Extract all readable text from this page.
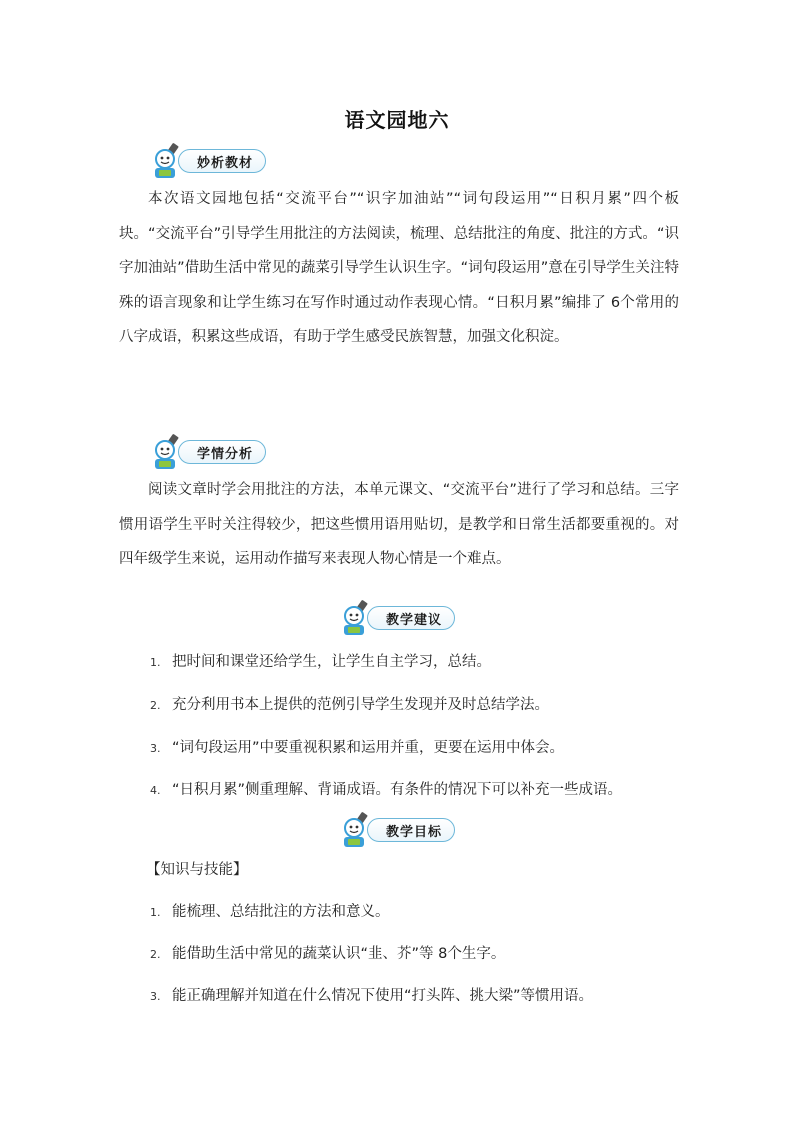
语文园地六
妙析教材

本次语文园地包括“交流平台”“识字加油站”“词句段运用”“日积月累”四个板块。“交流平台”引导学生用批注的方法阅读，梳理、总结批注的角度、批注的方式。“识字加油站”借助生活中常见的蔬菜引导学生认识生字。“词句段运用”意在引导学生关注特殊的语言现象和让学生练习在写作时通过动作表现心情。“日积月累”编排了 6个常用的八字成语，积累这些成语，有助于学生感受民族智慧，加强文化积淀。

学情分析

阅读文章时学会用批注的方法，本单元课文、“交流平台”进行了学习和总结。三字惯用语学生平时关注得较少，把这些惯用语用贴切，是教学和日常生活都要重视的。对四年级学生来说，运用动作描写来表现人物心情是一个难点。

教学建议
1. 把时间和课堂还给学生，让学生自主学习，总结。
2. 充分利用书本上提供的范例引导学生发现并及时总结学法。
3. “词句段运用”中要重视积累和运用并重，更要在运用中体会。
4. “日积月累”侧重理解、背诵成语。有条件的情况下可以补充一些成语。
教学目标
【知识与技能】
1. 能梳理、总结批注的方法和意义。
2. 能借助生活中常见的蔬菜认识“韭、芥”等 8个生字。
3. 能正确理解并知道在什么情况下使用“打头阵、挑大梁”等惯用语。
